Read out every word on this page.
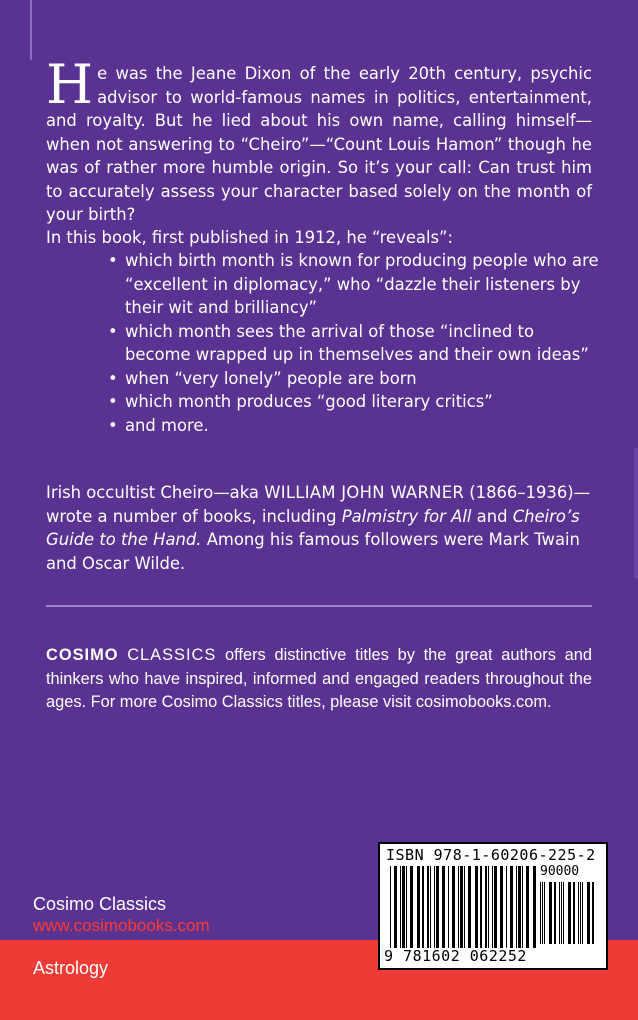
He was the Jeane Dixon of the early 20th century, psychic advisor to world-famous names in politics, entertainment, and royalty. But he lied about his own name, calling himself—when not answering to “Cheiro”—“Count Louis Hamon” though he was of rather more humble origin. So it’s your call: Can trust him to accurately assess your character based solely on the month of your birth?
In this book, first published in 1912, he “reveals”:
• which birth month is known for producing people who are “excellent in diplomacy,” who “dazzle their listeners by their wit and brilliancy”
• which month sees the arrival of those “inclined to become wrapped up in themselves and their own ideas”
• when “very lonely” people are born
• which month produces “good literary critics”
• and more.
Irish occultist Cheiro—aka WILLIAM JOHN WARNER (1866–1936)—wrote a number of books, including Palmistry for All and Cheiro’s Guide to the Hand. Among his famous followers were Mark Twain and Oscar Wilde.
COSIMO CLASSICS offers distinctive titles by the great authors and thinkers who have inspired, informed and engaged readers throughout the ages. For more Cosimo Classics titles, please visit cosimobooks.com.
Cosimo Classics
www.cosimobooks.com
Astrology
ISBN 978-1-60206-225-2
90000
9 781602 062252
